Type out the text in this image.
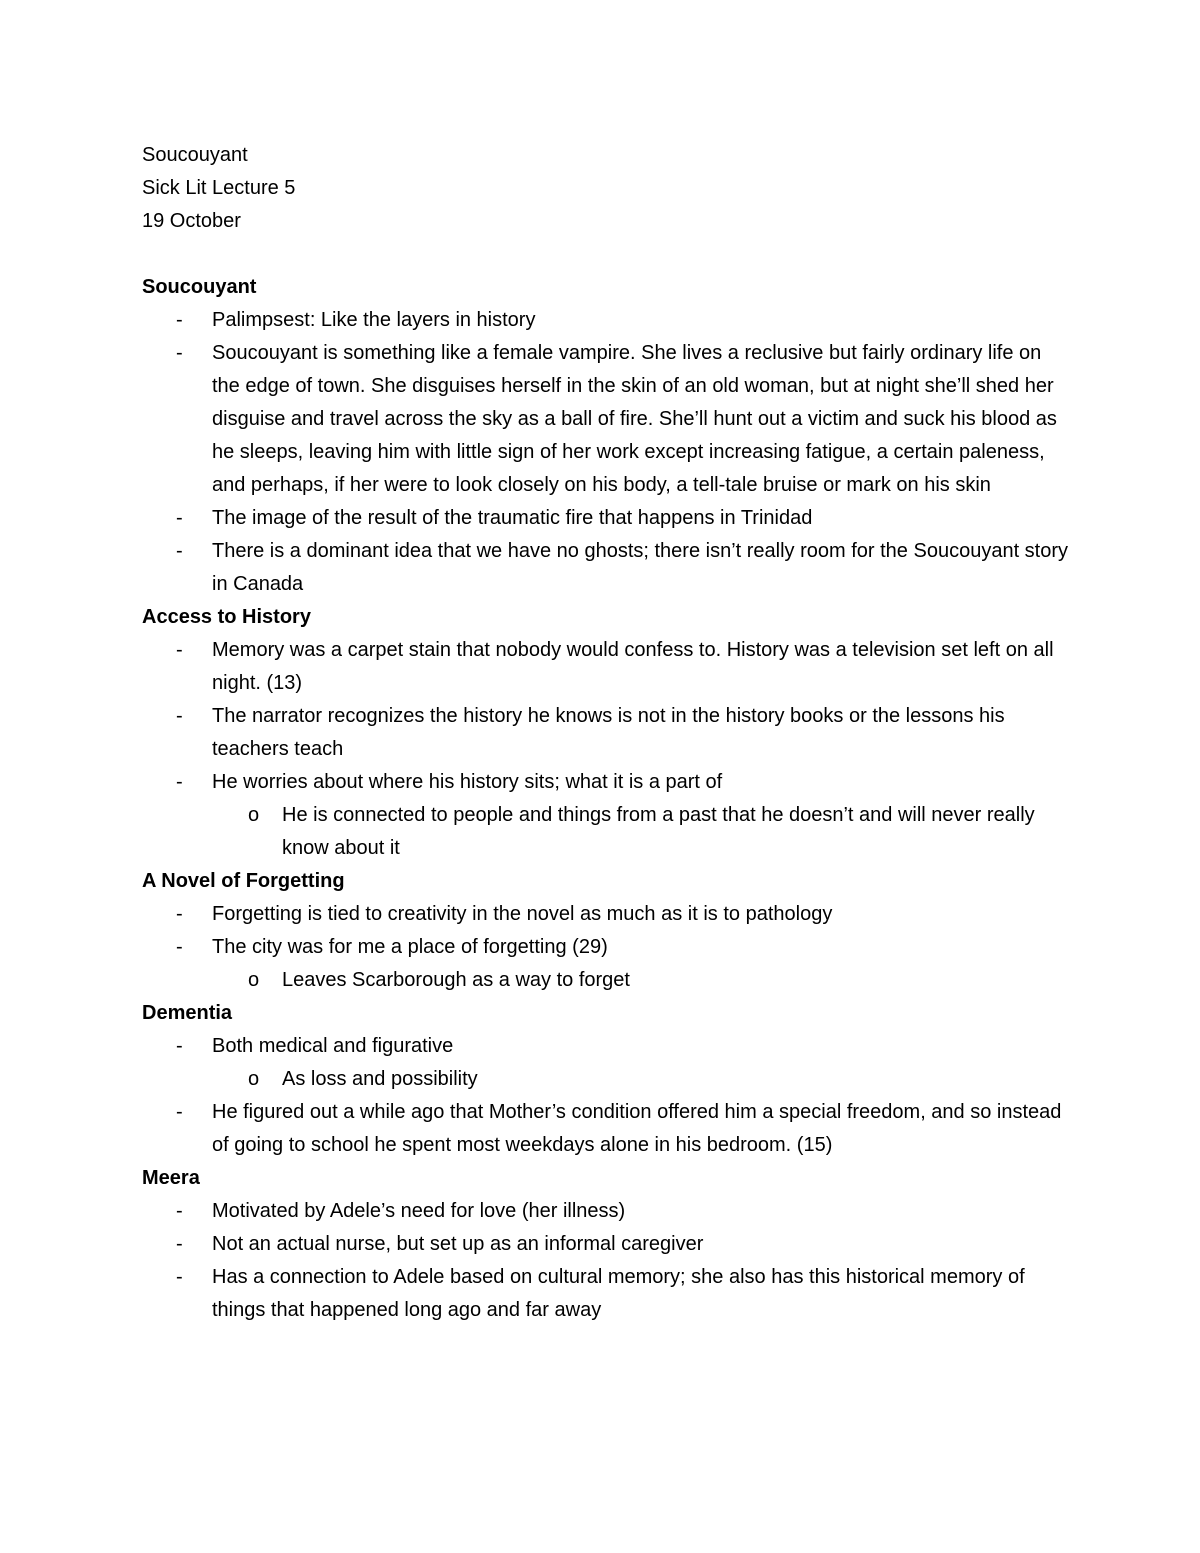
Soucouyant

Sick Lit Lecture 5

19 October

Soucouyant

- Palimpsest: Like the layers in history
- Soucouyant is something like a female vampire. She lives a reclusive but fairly ordinary life on the edge of town. She disguises herself in the skin of an old woman, but at night she’ll shed her disguise and travel across the sky as a ball of fire. She’ll hunt out a victim and suck his blood as he sleeps, leaving him with little sign of her work except increasing fatigue, a certain paleness, and perhaps, if her were to look closely on his body, a tell-tale bruise or mark on his skin
- The image of the result of the traumatic fire that happens in Trinidad
- There is a dominant idea that we have no ghosts; there isn’t really room for the Soucouyant story in Canada

Access to History

- Memory was a carpet stain that nobody would confess to. History was a television set left on all night. (13)
- The narrator recognizes the history he knows is not in the history books or the lessons his teachers teach
- He worries about where his history sits; what it is a part of
o He is connected to people and things from a past that he doesn’t and will never really know about it

A Novel of Forgetting

- Forgetting is tied to creativity in the novel as much as it is to pathology
- The city was for me a place of forgetting (29)
o Leaves Scarborough as a way to forget

Dementia

- Both medical and figurative
o As loss and possibility
- He figured out a while ago that Mother’s condition offered him a special freedom, and so instead of going to school he spent most weekdays alone in his bedroom. (15)

Meera

- Motivated by Adele’s need for love (her illness)
- Not an actual nurse, but set up as an informal caregiver
- Has a connection to Adele based on cultural memory; she also has this historical memory of things that happened long ago and far away
